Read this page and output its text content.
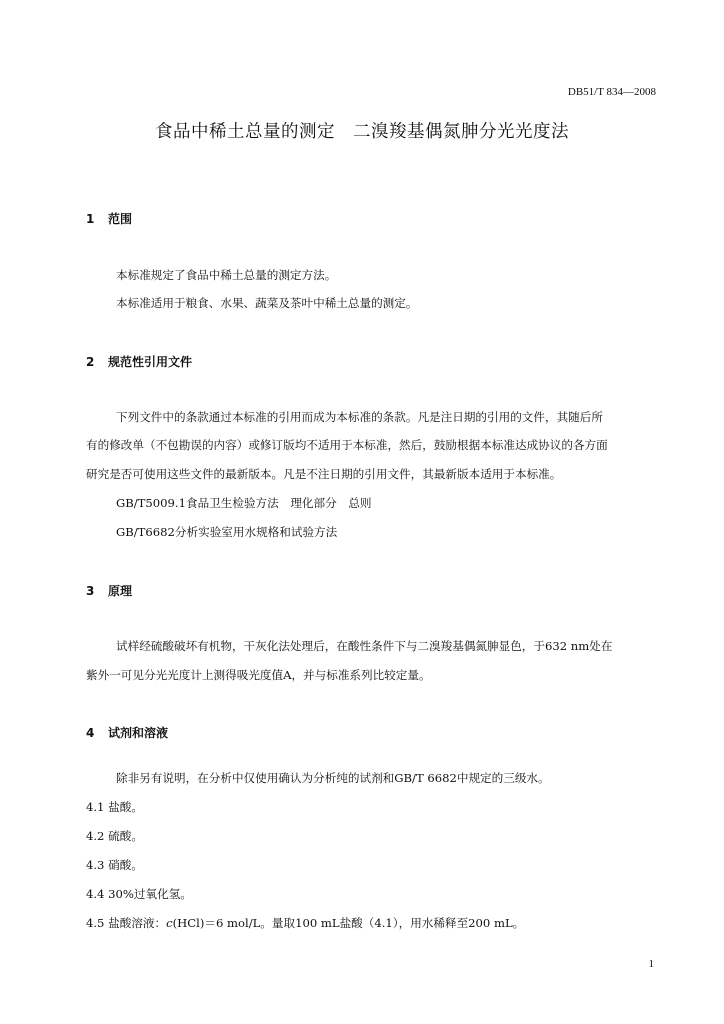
DB51/T 834—2008
食品中稀土总量的测定　二溴羧基偶氮胂分光光度法
1 范围
本标准规定了食品中稀土总量的测定方法。
本标准适用于粮食、水果、蔬菜及茶叶中稀土总量的测定。
2 规范性引用文件
下列文件中的条款通过本标准的引用而成为本标准的条款。凡是注日期的引用的文件，其随后所
有的修改单（不包勘误的内容）或修订版均不适用于本标准，然后，鼓励根据本标准达成协议的各方面
研究是否可使用这些文件的最新版本。凡是不注日期的引用文件，其最新版本适用于本标准。
GB/T5009.1食品卫生检验方法　理化部分　总则
GB/T6682分析实验室用水规格和试验方法
3 原理
试样经硫酸破坏有机物，干灰化法处理后，在酸性条件下与二溴羧基偶氮胂显色，于632 nm处在
紫外一可见分光光度计上测得吸光度值A，并与标准系列比较定量。
4 试剂和溶液
除非另有说明，在分析中仅使用确认为分析纯的试剂和GB/T 6682中规定的三级水。
4.1 盐酸。
4.2 硫酸。
4.3 硝酸。
4.4 30%过氧化氢。
4.5 盐酸溶液：c(HCl)＝6 mol/L。量取100 mL盐酸（4.1），用水稀释至200 mL。
1
